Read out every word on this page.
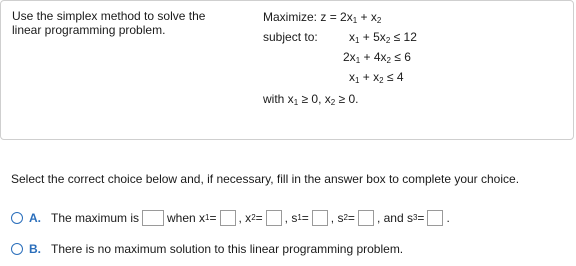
Use the simplex method to solve the linear programming problem.
Maximize: $z = 2x_1 + x_2$
subject to:	$x_1 + 5x_2 \le 12$
$2x_1 + 4x_2 \le 6$
$x_1 + x_2 \le 4$
with $x_1 \ge 0$, $x_2 \ge 0$.
Select the correct choice below and, if necessary, fill in the answer box to complete your choice.
A. The maximum is when x 1 = , x 2 = , s 1 = , s 2 = , and s 3 = .
B. There is no maximum solution to this linear programming problem.
